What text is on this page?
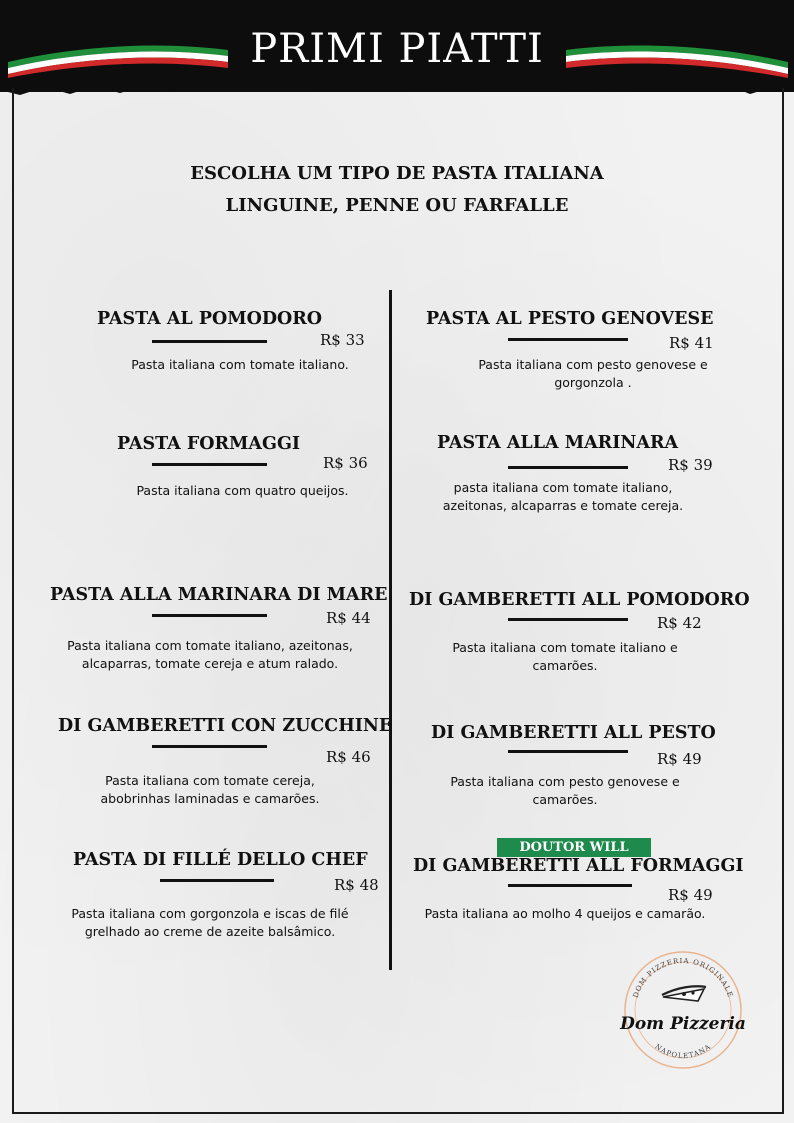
PRIMI PIATTI
ESCOLHA UM TIPO DE PASTA ITALIANA
LINGUINE, PENNE OU FARFALLE
PASTA AL POMODORO
R$ 33
Pasta italiana com tomate italiano.
PASTA FORMAGGI
R$ 36
Pasta italiana com quatro queijos.
PASTA ALLA MARINARA DI MARE
R$ 44
Pasta italiana com tomate italiano, azeitonas, alcaparras, tomate cereja e atum ralado.
DI GAMBERETTI CON ZUCCHINE
R$ 46
Pasta italiana com tomate cereja, abobrinhas laminadas e camarões.
PASTA DI FILLÉ DELLO CHEF
R$ 48
Pasta italiana com gorgonzola e iscas de filé grelhado ao creme de azeite balsâmico.
PASTA AL PESTO GENOVESE
R$ 41
Pasta italiana com pesto genovese e gorgonzola .
PASTA ALLA MARINARA
R$ 39
pasta italiana com tomate italiano, azeitonas, alcaparras e tomate cereja.
DI GAMBERETTI ALL POMODORO
R$ 42
Pasta italiana com tomate italiano e camarões.
DI GAMBERETTI ALL PESTO
R$ 49
Pasta italiana com pesto genovese e camarões.
DOUTOR WILL
DI GAMBERETTI ALL FORMAGGI
R$ 49
Pasta italiana ao molho 4 queijos e camarão.
DOM PIZZERIA ORIGINALE
NAPOLETANA
Dom Pizzeria
